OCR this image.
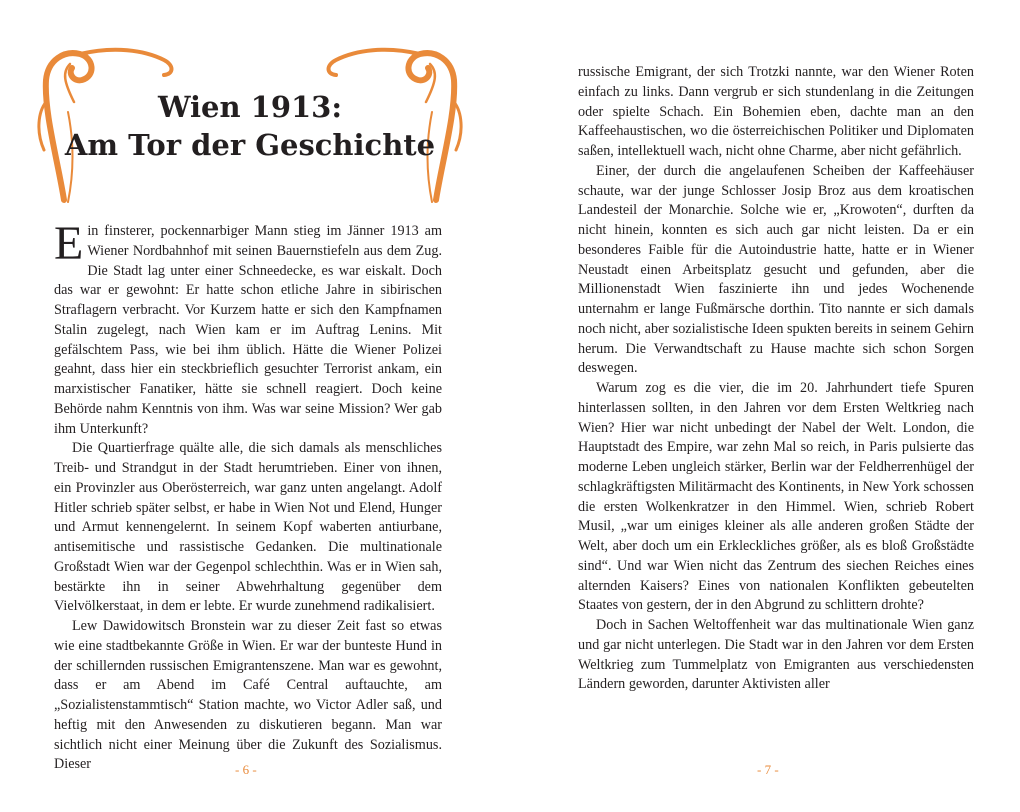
Wien 1913:
Am Tor der Geschichte

Ein finsterer, pockennarbiger Mann stieg im Jänner 1913 am Wiener Nordbahnhof mit seinen Bauernstiefeln aus dem Zug. Die Stadt lag unter einer Schneedecke, es war eiskalt. Doch das war er gewohnt: Er hatte schon etliche Jahre in sibirischen Straflagern verbracht. Vor Kurzem hatte er sich den Kampfnamen Stalin zugelegt, nach Wien kam er im Auftrag Lenins. Mit gefälschtem Pass, wie bei ihm üblich. Hätte die Wiener Polizei geahnt, dass hier ein steckbrieflich gesuchter Terrorist ankam, ein marxistischer Fanatiker, hätte sie schnell reagiert. Doch keine Behörde nahm Kenntnis von ihm. Was war seine Mission? Wer gab ihm Unterkunft?

Die Quartierfrage quälte alle, die sich damals als menschliches Treib- und Strandgut in der Stadt herumtrieben. Einer von ihnen, ein Provinzler aus Oberösterreich, war ganz unten angelangt. Adolf Hitler schrieb später selbst, er habe in Wien Not und Elend, Hunger und Armut kennengelernt. In seinem Kopf waberten antiurbane, antisemitische und rassistische Gedanken. Die multinationale Großstadt Wien war der Gegenpol schlechthin. Was er in Wien sah, bestärkte ihn in seiner Abwehrhaltung gegenüber dem Vielvölkerstaat, in dem er lebte. Er wurde zunehmend radikalisiert.

Lew Dawidowitsch Bronstein war zu dieser Zeit fast so etwas wie eine stadtbekannte Größe in Wien. Er war der bunteste Hund in der schillernden russischen Emigrantenszene. Man war es gewohnt, dass er am Abend im Café Central auftauchte, am „Sozialistenstammtisch“ Station machte, wo Victor Adler saß, und heftig mit den Anwesenden zu diskutieren begann. Man war sichtlich nicht einer Meinung über die Zukunft des Sozialismus. Dieser	- 6 -

russische Emigrant, der sich Trotzki nannte, war den Wiener Roten einfach zu links. Dann vergrub er sich stundenlang in die Zeitungen oder spielte Schach. Ein Bohemien eben, dachte man an den Kaffeehaustischen, wo die österreichischen Politiker und Diplomaten saßen, intellektuell wach, nicht ohne Charme, aber nicht gefährlich.

Einer, der durch die angelaufenen Scheiben der Kaffeehäuser schaute, war der junge Schlosser Josip Broz aus dem kroatischen Landesteil der Monarchie. Solche wie er, „Krowoten“, durften da nicht hinein, konnten es sich auch gar nicht leisten. Da er ein besonderes Faible für die Autoindustrie hatte, hatte er in Wiener Neustadt einen Arbeitsplatz gesucht und gefunden, aber die Millionenstadt Wien faszinierte ihn und jedes Wochenende unternahm er lange Fußmärsche dorthin. Tito nannte er sich damals noch nicht, aber sozialistische Ideen spukten bereits in seinem Gehirn herum. Die Verwandtschaft zu Hause machte sich schon Sorgen deswegen.

Warum zog es die vier, die im 20. Jahrhundert tiefe Spuren hinterlassen sollten, in den Jahren vor dem Ersten Weltkrieg nach Wien? Hier war nicht unbedingt der Nabel der Welt. London, die Hauptstadt des Empire, war zehn Mal so reich, in Paris pulsierte das moderne Leben ungleich stärker, Berlin war der Feldherrenhügel der schlagkräftigsten Militärmacht des Kontinents, in New York schossen die ersten Wolkenkratzer in den Himmel. Wien, schrieb Robert Musil, „war um einiges kleiner als alle anderen großen Städte der Welt, aber doch um ein Erkleckliches größer, als es bloß Großstädte sind“. Und war Wien nicht das Zentrum des siechen Reiches eines alternden Kaisers? Eines von nationalen Konflikten gebeutelten Staates von gestern, der in den Abgrund zu schlittern drohte?

Doch in Sachen Weltoffenheit war das multinationale Wien ganz und gar nicht unterlegen. Die Stadt war in den Jahren vor dem Ersten Weltkrieg zum Tummelplatz von Emigranten aus verschiedensten Ländern geworden, darunter Aktivisten aller

- 7 -
